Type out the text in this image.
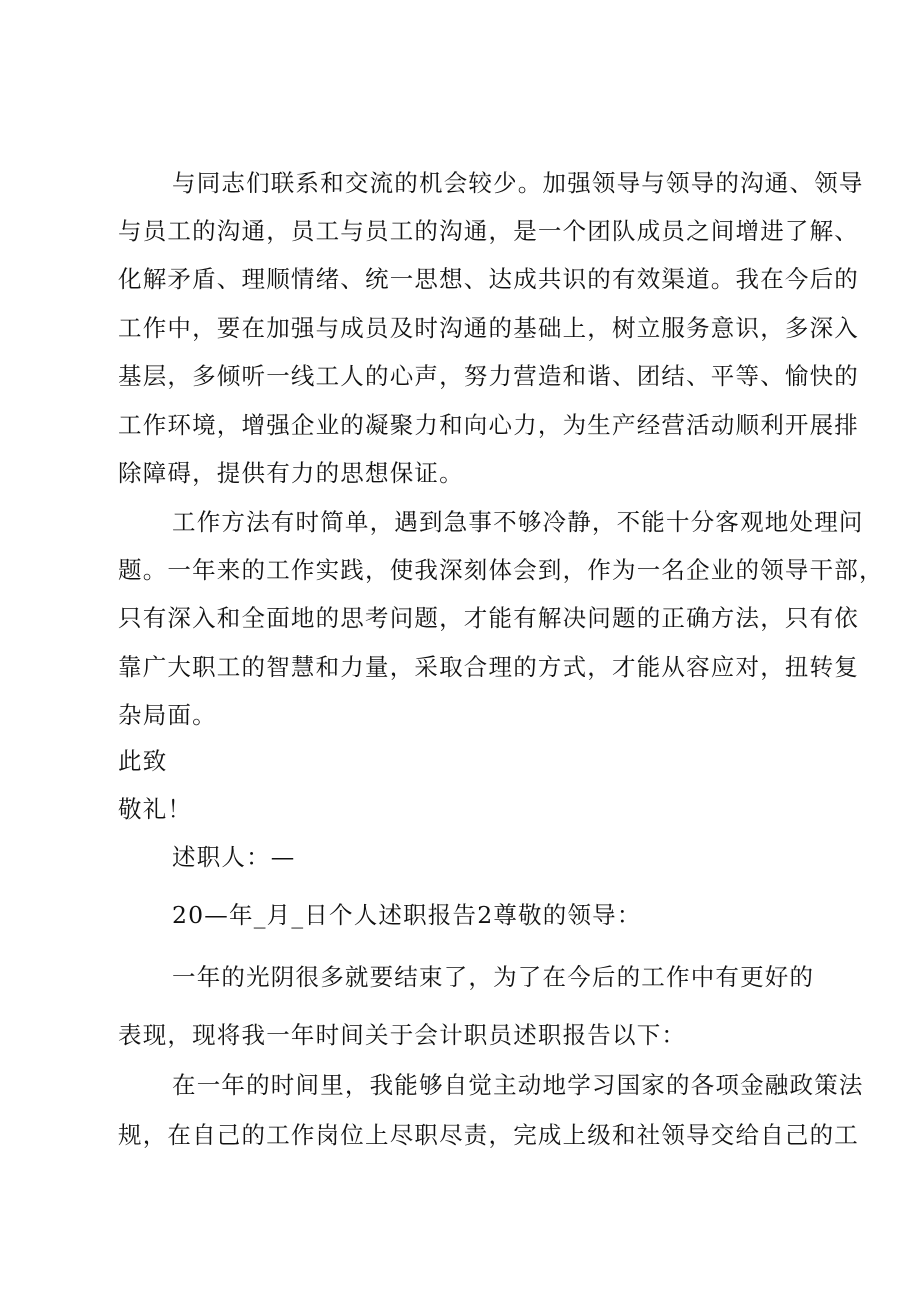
与同志们联系和交流的机会较少。加强领导与领导的沟通、领导
与员工的沟通，员工与员工的沟通，是一个团队成员之间增进了解、
化解矛盾、理顺情绪、统一思想、达成共识的有效渠道。我在今后的
工作中，要在加强与成员及时沟通的基础上，树立服务意识，多深入
基层，多倾听一线工人的心声，努力营造和谐、团结、平等、愉快的
工作环境，增强企业的凝聚力和向心力，为生产经营活动顺利开展排
除障碍，提供有力的思想保证。
工作方法有时简单，遇到急事不够冷静，不能十分客观地处理问
题。一年来的工作实践，使我深刻体会到，作为一名企业的领导干部，
只有深入和全面地的思考问题，才能有解决问题的正确方法，只有依
靠广大职工的智慧和力量，采取合理的方式，才能从容应对，扭转复
杂局面。
此致
敬礼！
述职人：—
20—年_月_日个人述职报告2尊敬的领导：
一年的光阴很多就要结束了，为了在今后的工作中有更好的
表现，现将我一年时间关于会计职员述职报告以下：
在一年的时间里，我能够自觉主动地学习国家的各项金融政策法
规，在自己的工作岗位上尽职尽责，完成上级和社领导交给自己的工
